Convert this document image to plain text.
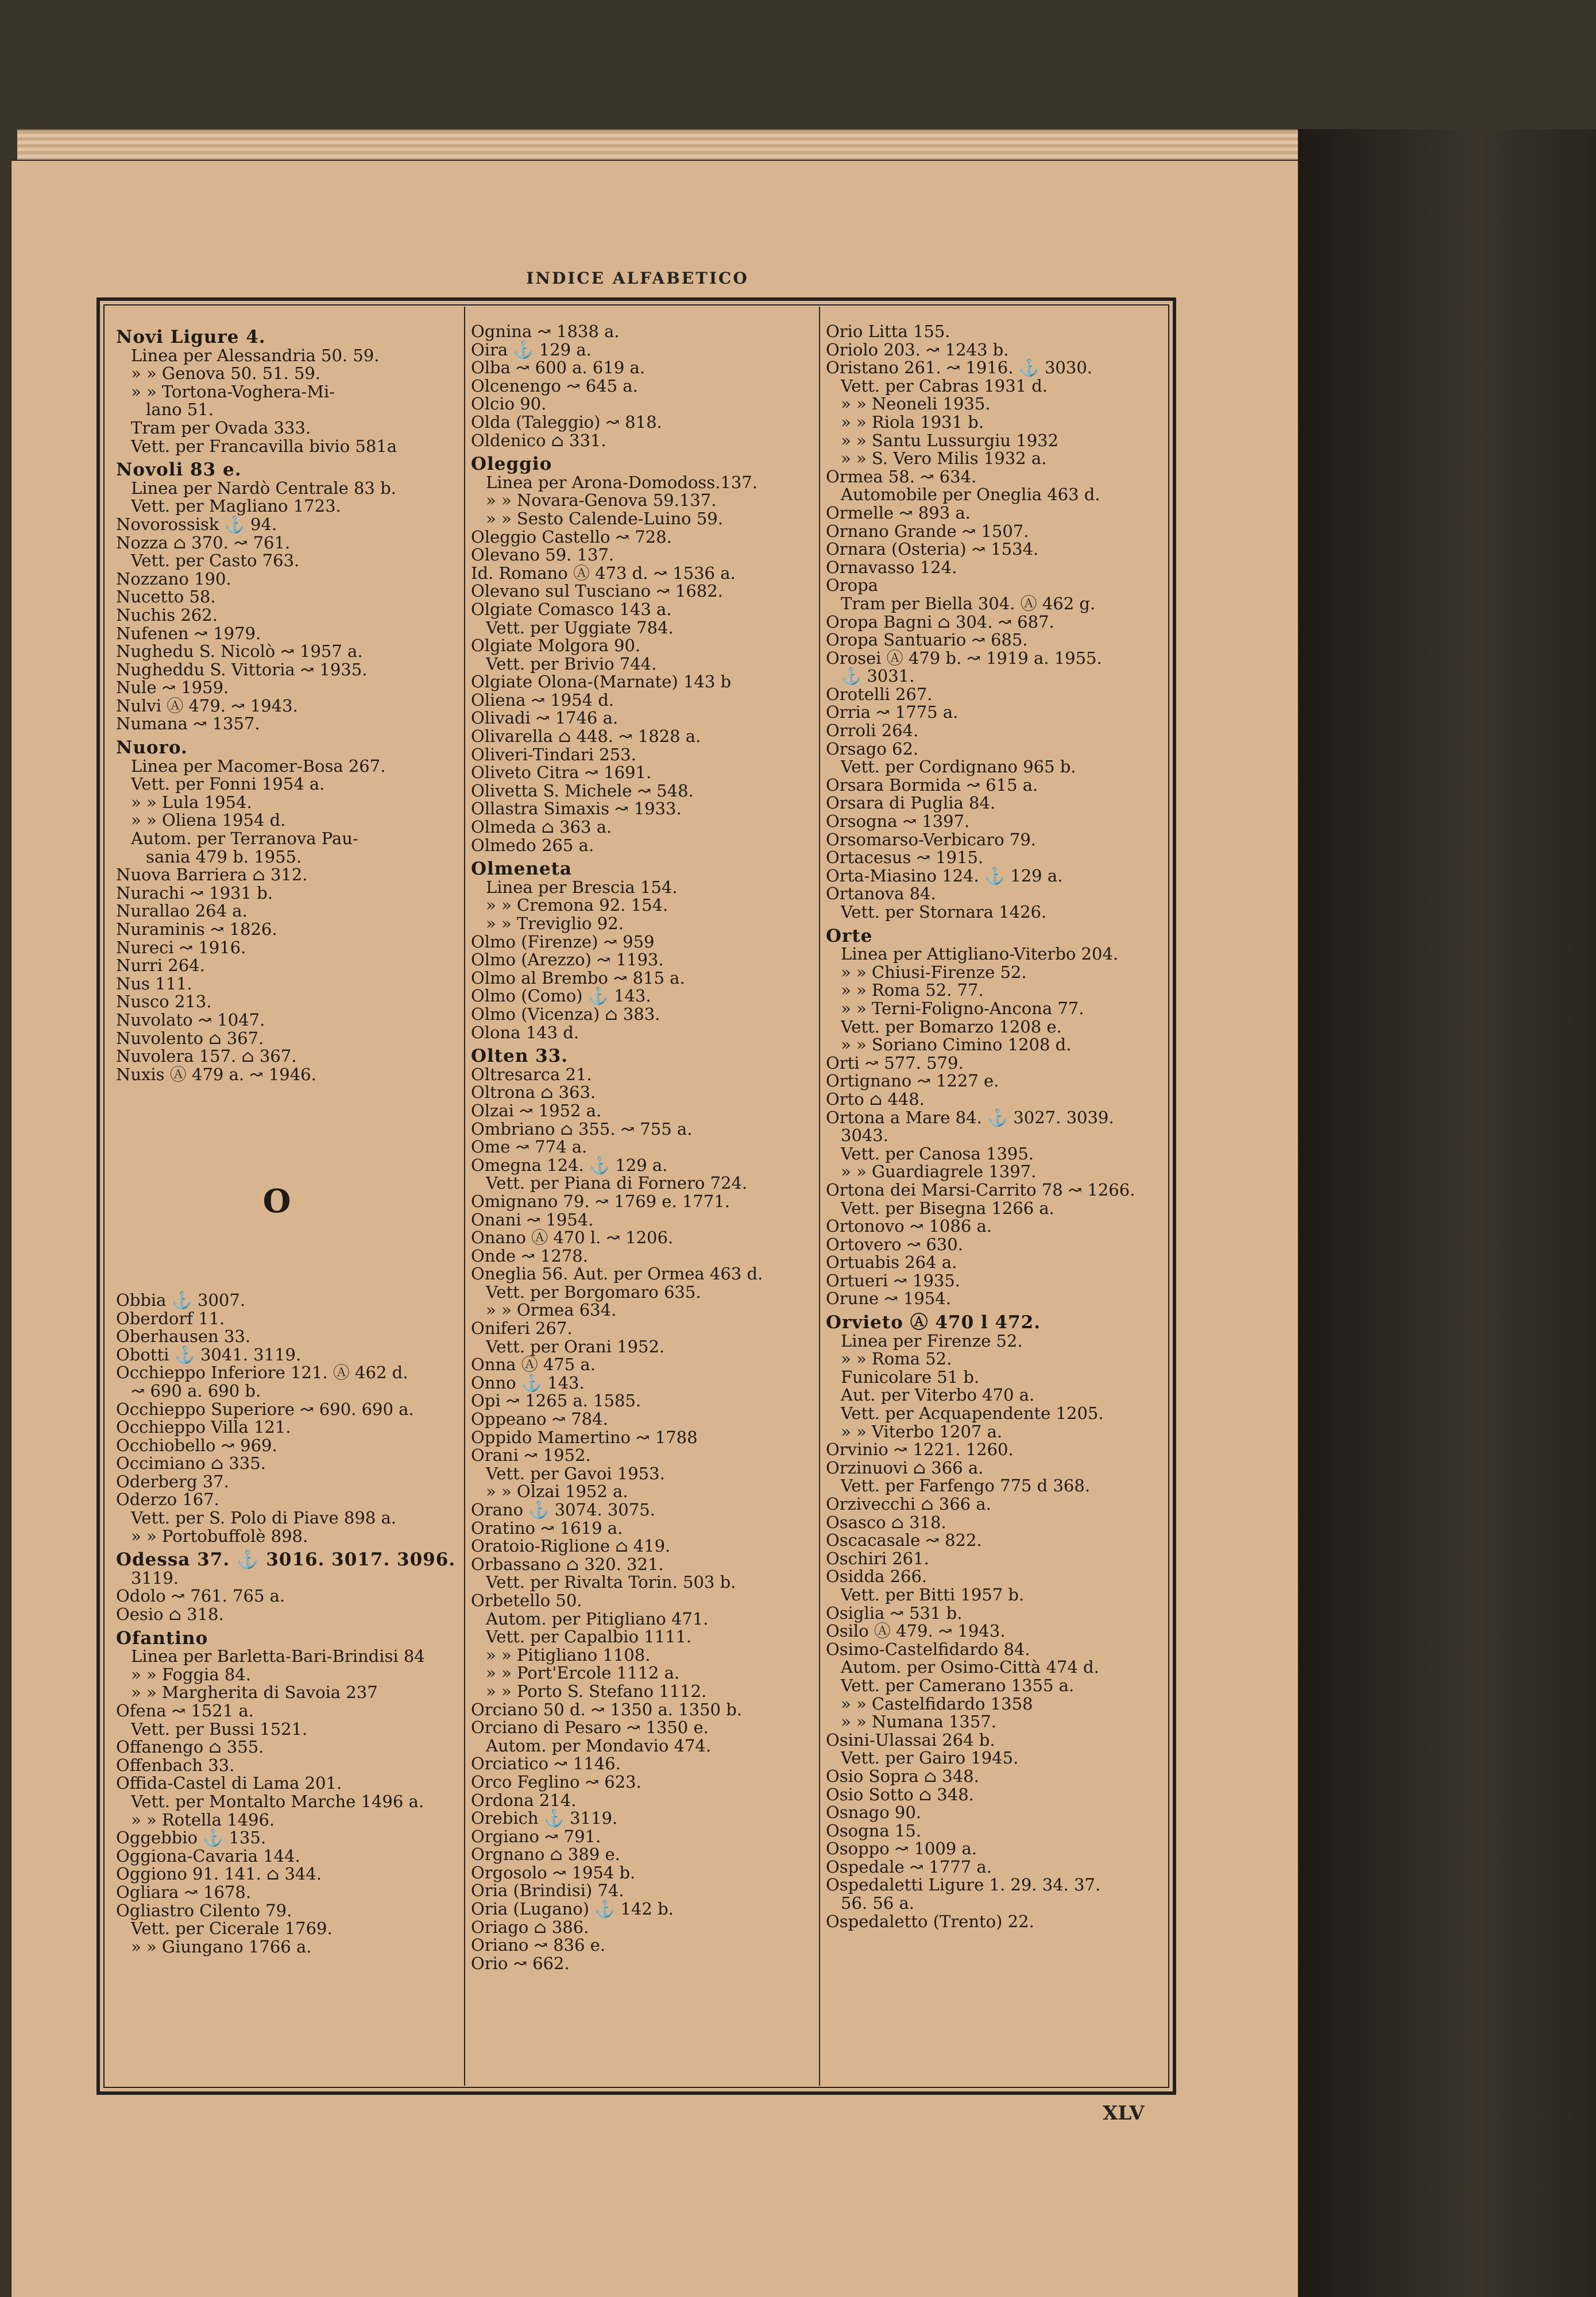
INDICE ALFABETICO
Novi Ligure 4.
Linea per Alessandria 50. 59.
» » Genova 50. 51. 59.
» » Tortona-Voghera-Mi-
lano 51.
Tram per Ovada 333.
Vett. per Francavilla bivio 581a
Novoli 83 e.
Linea per Nardò Centrale 83 b.
Vett. per Magliano 1723.
Novorossisk ⚓ 94.
Nozza ⌂ 370. ↝ 761.
Vett. per Casto 763.
Nozzano 190.
Nucetto 58.
Nuchis 262.
Nufenen ↝ 1979.
Nughedu S. Nicolò ↝ 1957 a.
Nugheddu S. Vittoria ↝ 1935.
Nule ↝ 1959.
Nulvi Ⓐ 479. ↝ 1943.
Numana ↝ 1357.
Nuoro.
Linea per Macomer-Bosa 267.
Vett. per Fonni 1954 a.
» » Lula 1954.
» » Oliena 1954 d.
Autom. per Terranova Pau-
sania 479 b. 1955.
Nuova Barriera ⌂ 312.
Nurachi ↝ 1931 b.
Nurallao 264 a.
Nuraminis ↝ 1826.
Nureci ↝ 1916.
Nurri 264.
Nus 111.
Nusco 213.
Nuvolato ↝ 1047.
Nuvolento ⌂ 367.
Nuvolera 157. ⌂ 367.
Nuxis Ⓐ 479 a. ↝ 1946.
O
Obbia ⚓ 3007.
Oberdorf 11.
Oberhausen 33.
Obotti ⚓ 3041. 3119.
Occhieppo Inferiore 121. Ⓐ 462 d.
↝ 690 a. 690 b.
Occhieppo Superiore ↝ 690. 690 a.
Occhieppo Villa 121.
Occhiobello ↝ 969.
Occimiano ⌂ 335.
Oderberg 37.
Oderzo 167.
Vett. per S. Polo di Piave 898 a.
» » Portobuffolè 898.
Odessa 37. ⚓ 3016. 3017. 3096.
3119.
Odolo ↝ 761. 765 a.
Oesio ⌂ 318.
Ofantino
Linea per Barletta-Bari-Brindisi 84
» » Foggia 84.
» » Margherita di Savoia 237
Ofena ↝ 1521 a.
Vett. per Bussi 1521.
Offanengo ⌂ 355.
Offenbach 33.
Offida-Castel di Lama 201.
Vett. per Montalto Marche 1496 a.
» » Rotella 1496.
Oggebbio ⚓ 135.
Oggiona-Cavaria 144.
Oggiono 91. 141. ⌂ 344.
Ogliara ↝ 1678.
Ogliastro Cilento 79.
Vett. per Cicerale 1769.
» » Giungano 1766 a.
Ognina ↝ 1838 a.
Oira ⚓ 129 a.
Olba ↝ 600 a. 619 a.
Olcenengo ↝ 645 a.
Olcio 90.
Olda (Taleggio) ↝ 818.
Oldenico ⌂ 331.
Oleggio
Linea per Arona-Domodoss.137.
» » Novara-Genova 59.137.
» » Sesto Calende-Luino 59.
Oleggio Castello ↝ 728.
Olevano 59. 137.
Id. Romano Ⓐ 473 d. ↝ 1536 a.
Olevano sul Tusciano ↝ 1682.
Olgiate Comasco 143 a.
Vett. per Uggiate 784.
Olgiate Molgora 90.
Vett. per Brivio 744.
Olgiate Olona-(Marnate) 143 b
Oliena ↝ 1954 d.
Olivadi ↝ 1746 a.
Olivarella ⌂ 448. ↝ 1828 a.
Oliveri-Tindari 253.
Oliveto Citra ↝ 1691.
Olivetta S. Michele ↝ 548.
Ollastra Simaxis ↝ 1933.
Olmeda ⌂ 363 a.
Olmedo 265 a.
Olmeneta
Linea per Brescia 154.
» » Cremona 92. 154.
» » Treviglio 92.
Olmo (Firenze) ↝ 959
Olmo (Arezzo) ↝ 1193.
Olmo al Brembo ↝ 815 a.
Olmo (Como) ⚓ 143.
Olmo (Vicenza) ⌂ 383.
Olona 143 d.
Olten 33.
Oltresarca 21.
Oltrona ⌂ 363.
Olzai ↝ 1952 a.
Ombriano ⌂ 355. ↝ 755 a.
Ome ↝ 774 a.
Omegna 124. ⚓ 129 a.
Vett. per Piana di Fornero 724.
Omignano 79. ↝ 1769 e. 1771.
Onani ↝ 1954.
Onano Ⓐ 470 l. ↝ 1206.
Onde ↝ 1278.
Oneglia 56. Aut. per Ormea 463 d.
Vett. per Borgomaro 635.
» » Ormea 634.
Oniferi 267.
Vett. per Orani 1952.
Onna Ⓐ 475 a.
Onno ⚓ 143.
Opi ↝ 1265 a. 1585.
Oppeano ↝ 784.
Oppido Mamertino ↝ 1788
Orani ↝ 1952.
Vett. per Gavoi 1953.
» » Olzai 1952 a.
Orano ⚓ 3074. 3075.
Oratino ↝ 1619 a.
Oratoio-Riglione ⌂ 419.
Orbassano ⌂ 320. 321.
Vett. per Rivalta Torin. 503 b.
Orbetello 50.
Autom. per Pitigliano 471.
Vett. per Capalbio 1111.
» » Pitigliano 1108.
» » Port'Ercole 1112 a.
» » Porto S. Stefano 1112.
Orciano 50 d. ↝ 1350 a. 1350 b.
Orciano di Pesaro ↝ 1350 e.
Autom. per Mondavio 474.
Orciatico ↝ 1146.
Orco Feglino ↝ 623.
Ordona 214.
Orebich ⚓ 3119.
Orgiano ↝ 791.
Orgnano ⌂ 389 e.
Orgosolo ↝ 1954 b.
Oria (Brindisi) 74.
Oria (Lugano) ⚓ 142 b.
Oriago ⌂ 386.
Oriano ↝ 836 e.
Orio ↝ 662.
Orio Litta 155.
Oriolo 203. ↝ 1243 b.
Oristano 261. ↝ 1916. ⚓ 3030.
Vett. per Cabras 1931 d.
» » Neoneli 1935.
» » Riola 1931 b.
» » Santu Lussurgiu 1932
» » S. Vero Milis 1932 a.
Ormea 58. ↝ 634.
Automobile per Oneglia 463 d.
Ormelle ↝ 893 a.
Ornano Grande ↝ 1507.
Ornara (Osteria) ↝ 1534.
Ornavasso 124.
Oropa
Tram per Biella 304. Ⓐ 462 g.
Oropa Bagni ⌂ 304. ↝ 687.
Oropa Santuario ↝ 685.
Orosei Ⓐ 479 b. ↝ 1919 a. 1955.
⚓ 3031.
Orotelli 267.
Orria ↝ 1775 a.
Orroli 264.
Orsago 62.
Vett. per Cordignano 965 b.
Orsara Bormida ↝ 615 a.
Orsara di Puglia 84.
Orsogna ↝ 1397.
Orsomarso-Verbicaro 79.
Ortacesus ↝ 1915.
Orta-Miasino 124. ⚓ 129 a.
Ortanova 84.
Vett. per Stornara 1426.
Orte
Linea per Attigliano-Viterbo 204.
» » Chiusi-Firenze 52.
» » Roma 52. 77.
» » Terni-Foligno-Ancona 77.
Vett. per Bomarzo 1208 e.
» » Soriano Cimino 1208 d.
Orti ↝ 577. 579.
Ortignano ↝ 1227 e.
Orto ⌂ 448.
Ortona a Mare 84. ⚓ 3027. 3039.
3043.
Vett. per Canosa 1395.
» » Guardiagrele 1397.
Ortona dei Marsi-Carrito 78 ↝ 1266.
Vett. per Bisegna 1266 a.
Ortonovo ↝ 1086 a.
Ortovero ↝ 630.
Ortuabis 264 a.
Ortueri ↝ 1935.
Orune ↝ 1954.
Orvieto Ⓐ 470 l 472.
Linea per Firenze 52.
» » Roma 52.
Funicolare 51 b.
Aut. per Viterbo 470 a.
Vett. per Acquapendente 1205.
» » Viterbo 1207 a.
Orvinio ↝ 1221. 1260.
Orzinuovi ⌂ 366 a.
Vett. per Farfengo 775 d 368.
Orzivecchi ⌂ 366 a.
Osasco ⌂ 318.
Oscacasale ↝ 822.
Oschiri 261.
Osidda 266.
Vett. per Bitti 1957 b.
Osiglia ↝ 531 b.
Osilo Ⓐ 479. ↝ 1943.
Osimo-Castelfidardo 84.
Autom. per Osimo-Città 474 d.
Vett. per Camerano 1355 a.
» » Castelfidardo 1358
» » Numana 1357.
Osini-Ulassai 264 b.
Vett. per Gairo 1945.
Osio Sopra ⌂ 348.
Osio Sotto ⌂ 348.
Osnago 90.
Osogna 15.
Osoppo ↝ 1009 a.
Ospedale ↝ 1777 a.
Ospedaletti Ligure 1. 29. 34. 37.
56. 56 a.
Ospedaletto (Trento) 22.
XLV
